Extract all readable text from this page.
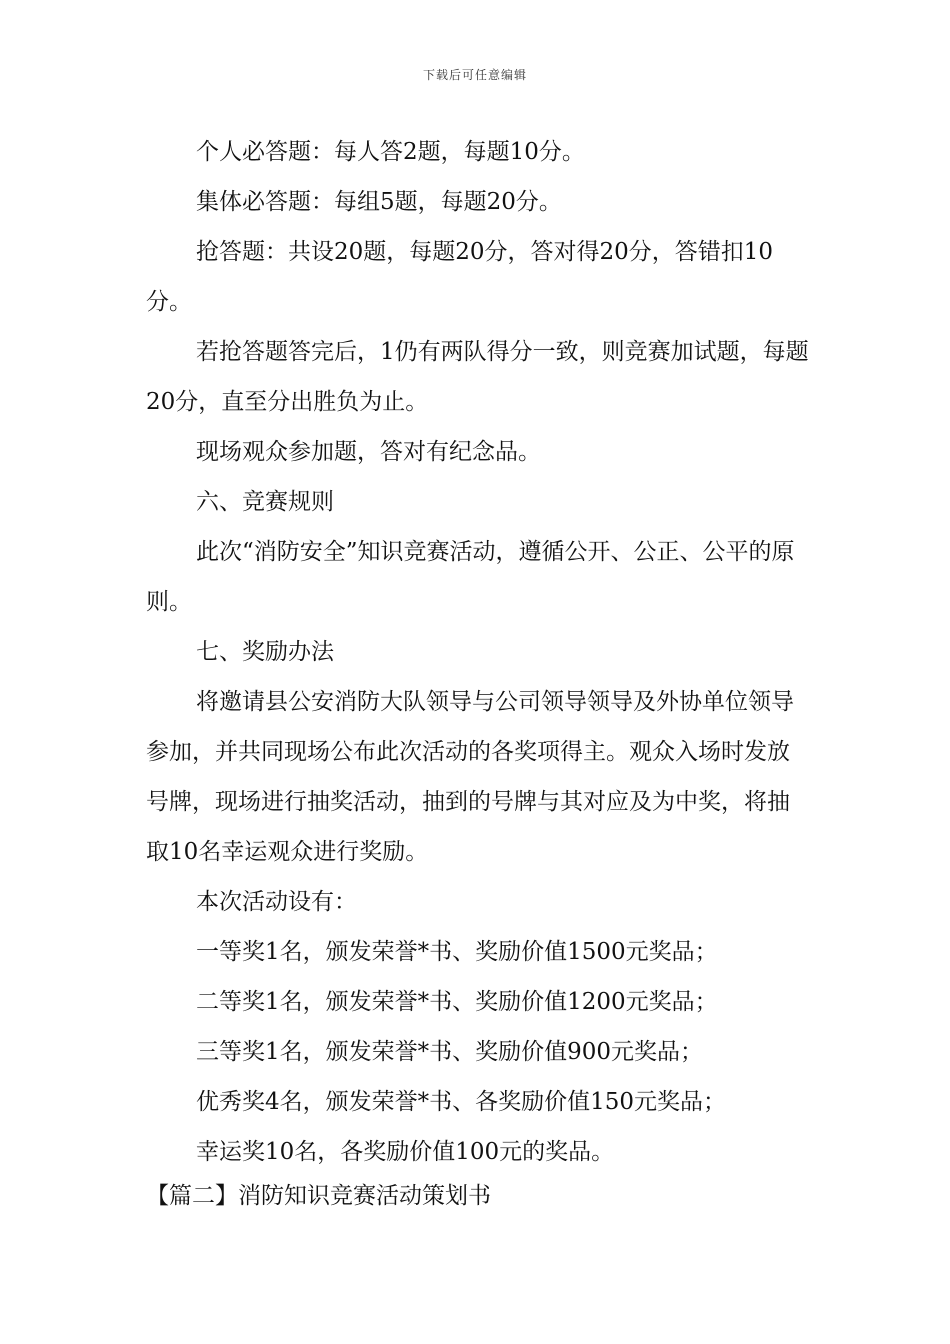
下载后可任意编辑

个人必答题：每人答2题，每题10分。

集体必答题：每组5题，每题20分。

抢答题：共设20题，每题20分，答对得20分，答错扣10分。

若抢答题答完后，1仍有两队得分一致，则竞赛加试题，每题20分，直至分出胜负为止。

现场观众参加题，答对有纪念品。

六、竞赛规则

此次“消防安全”知识竞赛活动，遵循公开、公正、公平的原则。

七、奖励办法

将邀请县公安消防大队领导与公司领导领导及外协单位领导参加，并共同现场公布此次活动的各奖项得主。观众入场时发放号牌，现场进行抽奖活动，抽到的号牌与其对应及为中奖，将抽取10名幸运观众进行奖励。

本次活动设有：

一等奖1名，颁发荣誉*书、奖励价值1500元奖品；

二等奖1名，颁发荣誉*书、奖励价值1200元奖品；

三等奖1名，颁发荣誉*书、奖励价值900元奖品；

优秀奖4名，颁发荣誉*书、各奖励价值150元奖品；

幸运奖10名，各奖励价值100元的奖品。

【篇二】消防知识竞赛活动策划书
